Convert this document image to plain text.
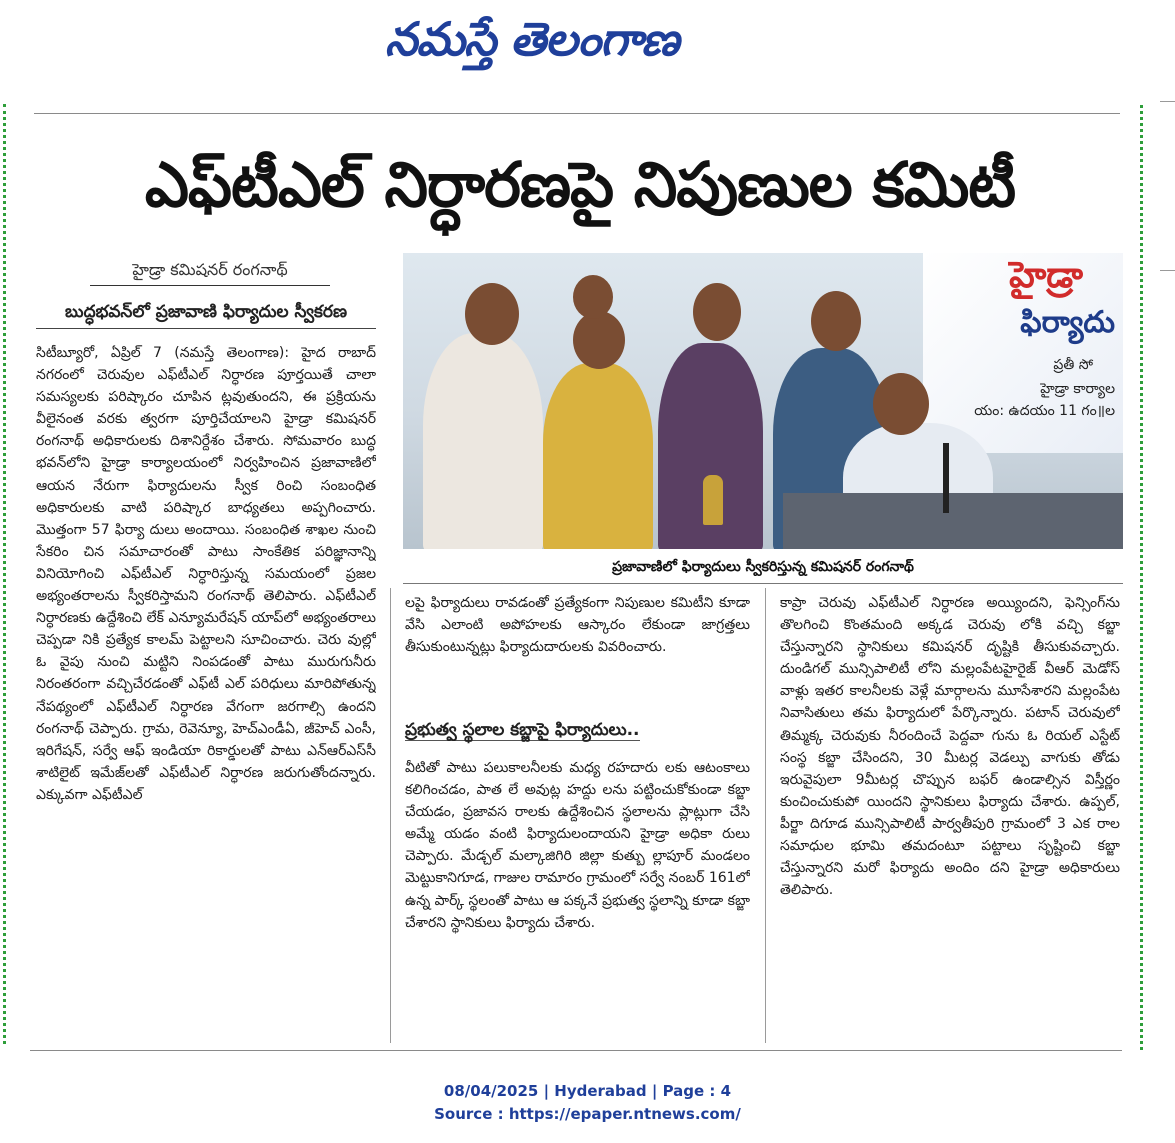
నమస్తే తెలంగాణ
ఎఫ్‌టీఎల్ నిర్ధారణపై నిపుణుల కమిటీ
హైడ్రా కమిషనర్ రంగనాథ్
బుద్ధభవన్‌లో ప్రజావాణి ఫిర్యాదుల స్వీకరణ
హైడ్రా
ఫిర్యాదు
ప్రతీ సో
హైడ్రా కార్యాల
యం: ఉదయం 11 గం॥ల
ప్రజావాణిలో ఫిర్యాదులు స్వీకరిస్తున్న కమిషనర్ రంగనాథ్

సిటీబ్యూరో, ఏప్రిల్ 7 (నమస్తే తెలంగాణ): హైద రాబాద్ నగరంలో చెరువుల ఎఫ్‌టీఎల్ నిర్ధారణ పూర్తయితే చాలా సమస్యలకు పరిష్కారం చూపిన ట్లవుతుందని, ఈ ప్రక్రియను వీలైనంత వరకు త్వరగా పూర్తిచేయాలని హైడ్రా కమిషనర్ రంగనాథ్ అధికారులకు దిశానిర్దేశం చేశారు. సోమవారం బుద్ధ భవన్‌లోని హైడ్రా కార్యాలయంలో నిర్వహించిన ప్రజావాణిలో ఆయన నేరుగా ఫిర్యాదులను స్వీక రించి సంబంధిత అధికారులకు వాటి పరిష్కార బాధ్యతలు అప్పగించారు. మొత్తంగా 57 ఫిర్యా దులు అందాయి. సంబంధిత శాఖల నుంచి సేకరిం చిన సమాచారంతో పాటు సాంకేతిక పరిజ్ఞానాన్ని వినియోగించి ఎఫ్‌టీఎల్ నిర్ధారిస్తున్న సమయంలో ప్రజల అభ్యంతరాలను స్వీకరిస్తామని రంగనాథ్ తెలిపారు. ఎఫ్‌టీఎల్ నిర్ధారణకు ఉద్దేశించి లేక్ ఎన్యూమరేషన్ యాప్‌లో అభ్యంతరాలు చెప్పడా నికి ప్రత్యేక కాలమ్ పెట్టాలని సూచించారు. చెరు వుల్లో ఓ వైపు నుంచి మట్టిని నింపడంతో పాటు మురుగునీరు నిరంతరంగా వచ్చిచేరడంతో ఎఫ్‌టీ ఎల్ పరిధులు మారిపోతున్న నేపథ్యంలో ఎఫ్‌టీఎల్ నిర్ధారణ వేగంగా జరగాల్సి ఉందని రంగనాథ్ చెప్పారు. గ్రామ, రెవెన్యూ, హెచ్‌ఎండీఏ, జీహెచ్ ఎంసీ, ఇరిగేషన్, సర్వే ఆఫ్ ఇండియా రికార్డులతో పాటు ఎన్‌ఆర్‌ఎస్‌సీ శాటిలైట్ ఇమేజ్‌లతో ఎఫ్‌టీఎల్ నిర్ధారణ జరుగుతోందన్నారు. ఎక్కువగా ఎఫ్‌టీఎల్

లపై ఫిర్యాదులు రావడంతో ప్రత్యేకంగా నిపుణుల కమిటీని కూడా వేసి ఎలాంటి అపోహలకు ఆస్కారం లేకుండా జాగ్రత్తలు తీసుకుంటున్నట్లు ఫిర్యాదుదారులకు వివరించారు.

ప్రభుత్వ స్థలాల కబ్జాపై ఫిర్యాదులు..

వీటితో పాటు పలుకాలనీలకు మధ్య రహదారు లకు ఆటంకాలు కలిగించడం, పాత లే అవుట్ల హద్దు లను పట్టించుకోకుండా కబ్జా చేయడం, ప్రజావస రాలకు ఉద్దేశించిన స్థలాలను ప్లాట్లుగా చేసి అమ్మే యడం వంటి ఫిర్యాదులందాయని హైడ్రా అధికా రులు చెప్పారు. మేడ్చల్ మల్కాజిగిరి జిల్లా కుత్బు ల్లాపూర్ మండలం మెట్టుకానిగూడ, గాజుల రామారం గ్రామంలో సర్వే నంబర్ 161లో ఉన్న పార్క్ స్థలంతో పాటు ఆ పక్కనే ప్రభుత్వ స్థలాన్ని కూడా కబ్జా చేశారని స్థానికులు ఫిర్యాదు చేశారు.

కాప్రా చెరువు ఎఫ్‌టీఎల్ నిర్ధారణ అయ్యిందని, ఫెన్సింగ్‌ను తొలగించి కొంతమంది అక్కడ చెరువు లోకి వచ్చి కబ్జా చేస్తున్నారని స్థానికులు కమిషనర్ దృష్టికి తీసుకువచ్చారు. దుండిగల్ మున్సిపాలిటీ లోని మల్లంపేటహైరైజ్ వీఆర్ మెడోస్ వాళ్లు ఇతర కాలనీలకు వెళ్లే మార్గాలను మూసేశారని మల్లంపేట నివాసితులు తమ ఫిర్యాదులో పేర్కొన్నారు. పటాన్ చెరువులో తిమ్మక్క చెరువుకు నీరందించే పెద్దవా గును ఓ రియల్ ఎస్టేట్ సంస్థ కబ్జా చేసిందని, 30 మీటర్ల వెడల్పు వాగుకు తోడు ఇరువైపులా 9మీటర్ల చొప్పున బఫర్ ఉండాల్సిన విస్తీర్ణం కుంచించుకుపో యిందని స్థానికులు ఫిర్యాదు చేశారు. ఉప్పల్, పీర్జా దిగూడ మున్సిపాలిటీ పార్వతీపురి గ్రామంలో 3 ఎక రాల సమాధుల భూమి తమదంటూ పట్టాలు సృష్టించి కబ్జా చేస్తున్నారని మరో ఫిర్యాదు అందిం దని హైడ్రా అధికారులు తెలిపారు.

08/04/2025 | Hyderabad | Page : 4
Source : https://epaper.ntnews.com/
